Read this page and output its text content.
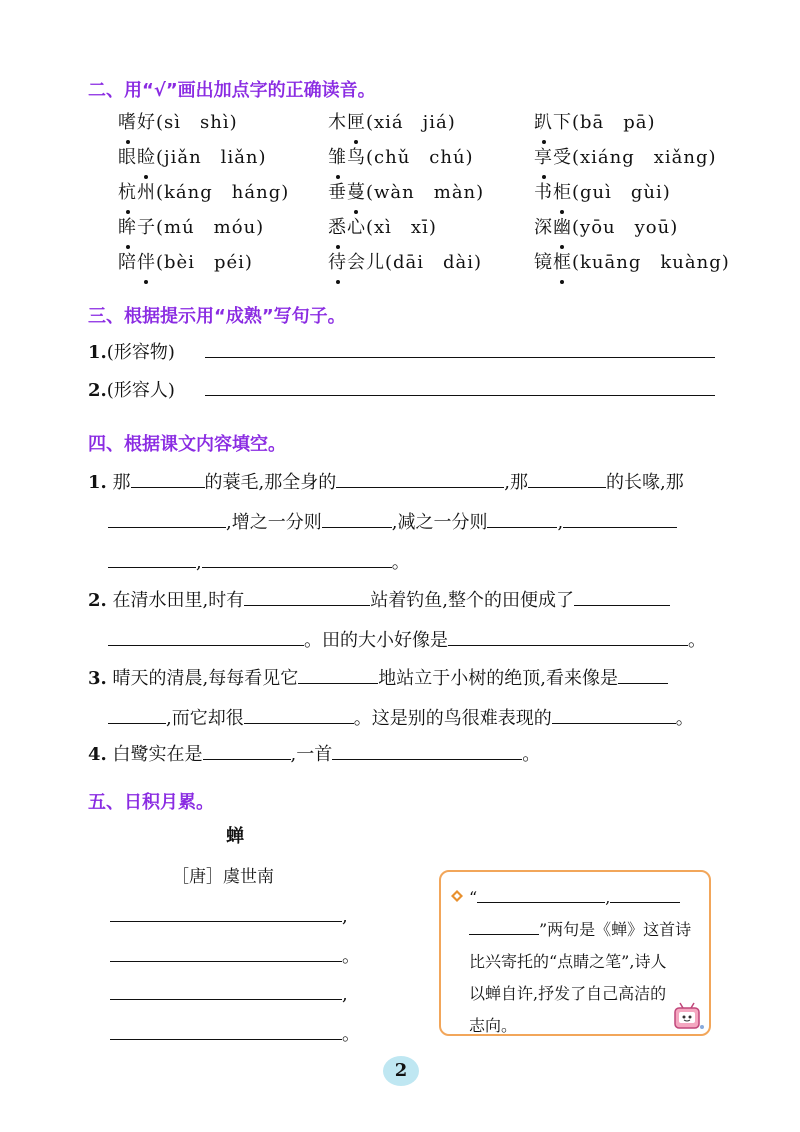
二、用“√”画出加点字的正确读音。
嗜好(sì　shì)	木匣(xiá　jiá)	趴下(bā　pā)
眼睑(jiǎn　liǎn)	雏鸟(chǔ　chú)	享受(xiáng　xiǎng)
杭州(káng　háng) 垂蔓(wàn　màn)	书柜(guì　gùi)
眸子(mú　móu)	悉心(xì　xī)	深幽(yōu　yoū)
陪伴(bèi　péi)	待会儿(dāi　dài)	镜框(kuāng　kuàng)
三、根据提示用“成熟”写句子。
1.(形容物)
2.(形容人)
四、根据课文内容填空。
1. 那	的蓑毛,那全身的	,那	的长喙,那
,增之一分则	,减之一分则	,
,	。
2. 在清水田里,时有	站着钓鱼,整个的田便成了
。田的大小好像是	。
3. 晴天的清晨,每每看见它	地站立于小树的绝顶,看来像是
,而它却很	。这是别的鸟很难表现的	。
4. 白鹭实在是	,一首	。
五、日积月累。
蝉
［唐］虞世南
,
。
,
。
“	,
”两句是《蝉》这首诗
比兴寄托的“点睛之笔”,诗人
以蝉自许,抒发了自己高洁的
志向。
2
